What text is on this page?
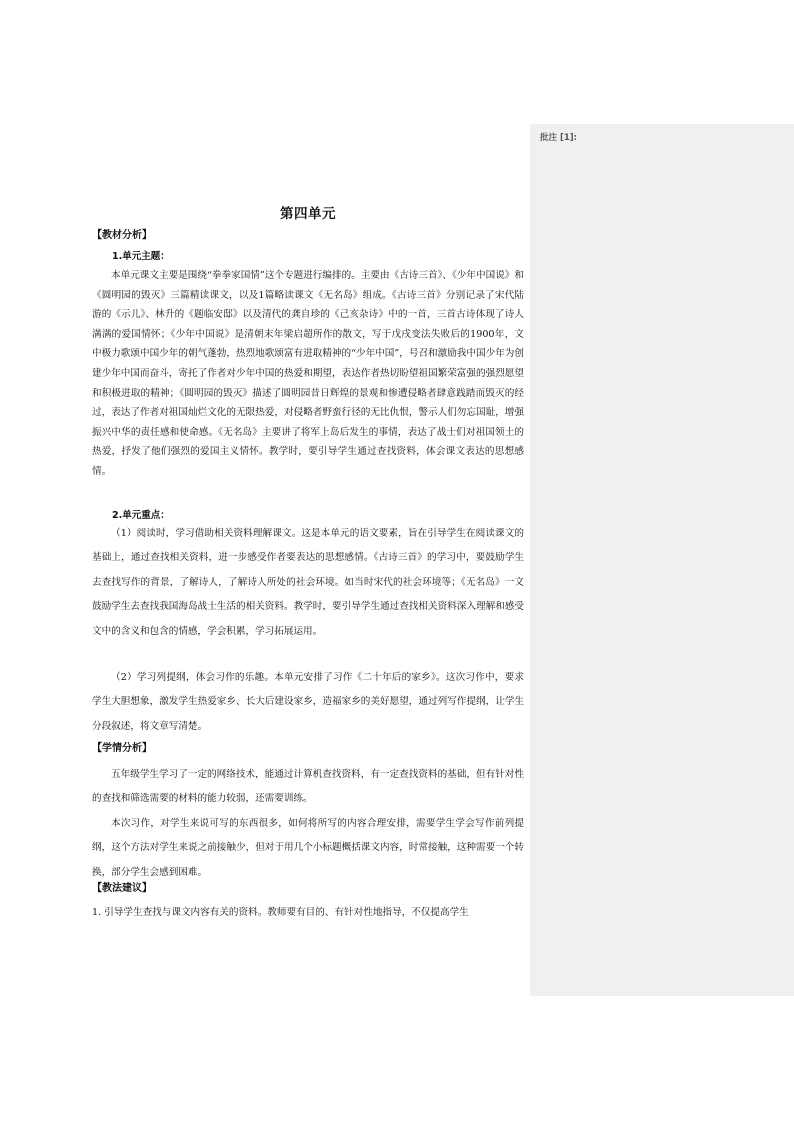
批注 [1]:
第四单元
【教材分析】
1.单元主题：
本单元课文主要是围绕“拳拳家国情”这个专题进行编排的。主要由《古诗三首》、《少年中国说》和《圆明园的毁灭》三篇精读课文，以及1篇略读课文《无名岛》组成。《古诗三首》分别记录了宋代陆游的《示儿》、林升的《题临安邸》以及清代的龚自珍的《己亥杂诗》中的一首，三首古诗体现了诗人满满的爱国情怀；《少年中国说》是清朝末年梁启超所作的散文，写于戊戌变法失败后的1900年，文中极力歌颂中国少年的朝气蓬勃，热烈地歌颂富有进取精神的“少年中国”，号召和激励我中国少年为创建少年中国而奋斗，寄托了作者对少年中国的热爱和期望，表达作者热切盼望祖国繁荣富强的强烈愿望和积极进取的精神；《圆明园的毁灭》描述了圆明园昔日辉煌的景观和惨遭侵略者肆意践踏而毁灭的经过，表达了作者对祖国灿烂文化的无限热爱，对侵略者野蛮行径的无比仇恨，警示人们勿忘国耻，增强振兴中华的责任感和使命感。《无名岛》主要讲了将军上岛后发生的事情，表达了战士们对祖国领土的热爱，抒发了他们强烈的爱国主义情怀。教学时，要引导学生通过查找资料，体会课文表达的思想感情。
2.单元重点：
（1）阅读时，学习借助相关资料理解课文。这是本单元的语文要素，旨在引导学生在阅读课文的基础上，通过查找相关资料，进一步感受作者要表达的思想感情。《古诗三首》的学习中，要鼓励学生去查找写作的背景，了解诗人，了解诗人所处的社会环境。如当时宋代的社会环境等；《无名岛》一文鼓励学生去查找我国海岛战士生活的相关资料。教学时，要引导学生通过查找相关资料深入理解和感受文中的含义和包含的情感，学会积累，学习拓展运用。
（2）学习列提纲，体会习作的乐趣。本单元安排了习作《二十年后的家乡》。这次习作中，要求学生大胆想象，激发学生热爱家乡、长大后建设家乡，造福家乡的美好愿望，通过列写作提纲，让学生分段叙述，将文章写清楚。
【学情分析】
五年级学生学习了一定的网络技术，能通过计算机查找资料，有一定查找资料的基础，但有针对性的查找和筛选需要的材料的能力较弱，还需要训练。
本次习作，对学生来说可写的东西很多，如何将所写的内容合理安排，需要学生学会写作前列提纲，这个方法对学生来说之前接触少，但对于用几个小标题概括课文内容，时常接触，这种需要一个转换，部分学生会感到困难。
【教法建议】
1. 引导学生查找与课文内容有关的资料。教师要有目的、有针对性地指导，不仅提高学生
